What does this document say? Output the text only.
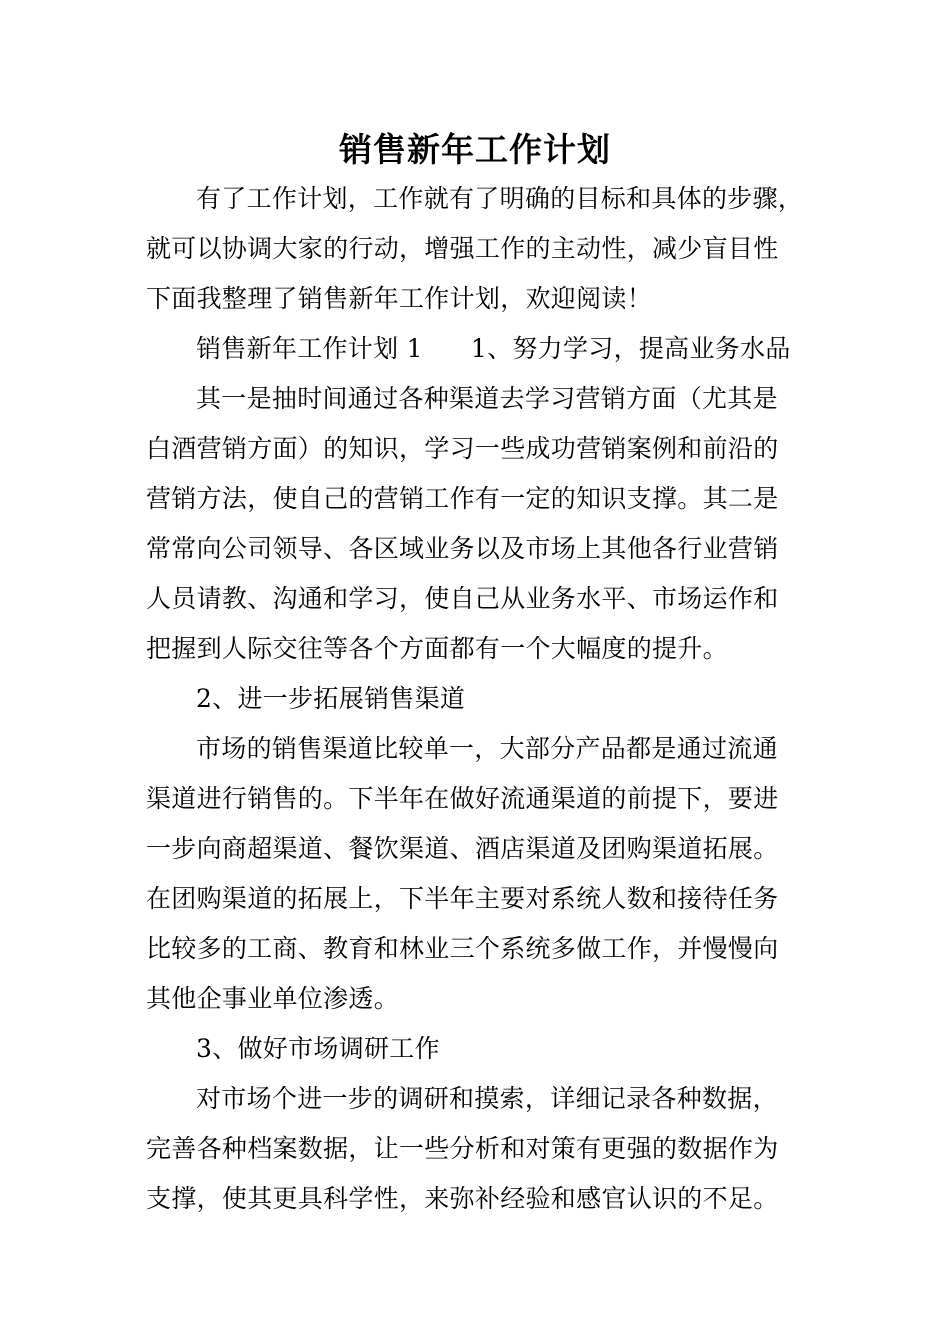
销售新年工作计划
有了工作计划，工作就有了明确的目标和具体的步骤，
就可以协调大家的行动，增强工作的主动性，减少盲目性
下面我整理了销售新年工作计划，欢迎阅读！
销售新年工作计划 1 1、努力学习，提高业务水品
其一是抽时间通过各种渠道去学习营销方面（尤其是
白酒营销方面）的知识，学习一些成功营销案例和前沿的
营销方法，使自己的营销工作有一定的知识支撑。其二是
常常向公司领导、各区域业务以及市场上其他各行业营销
人员请教、沟通和学习，使自己从业务水平、市场运作和
把握到人际交往等各个方面都有一个大幅度的提升。
2、进一步拓展销售渠道
市场的销售渠道比较单一，大部分产品都是通过流通
渠道进行销售的。下半年在做好流通渠道的前提下，要进
一步向商超渠道、餐饮渠道、酒店渠道及团购渠道拓展。
在团购渠道的拓展上，下半年主要对系统人数和接待任务
比较多的工商、教育和林业三个系统多做工作，并慢慢向
其他企事业单位渗透。
3、做好市场调研工作
对市场个进一步的调研和摸索，详细记录各种数据，
完善各种档案数据，让一些分析和对策有更强的数据作为
支撑，使其更具科学性，来弥补经验和感官认识的不足。
